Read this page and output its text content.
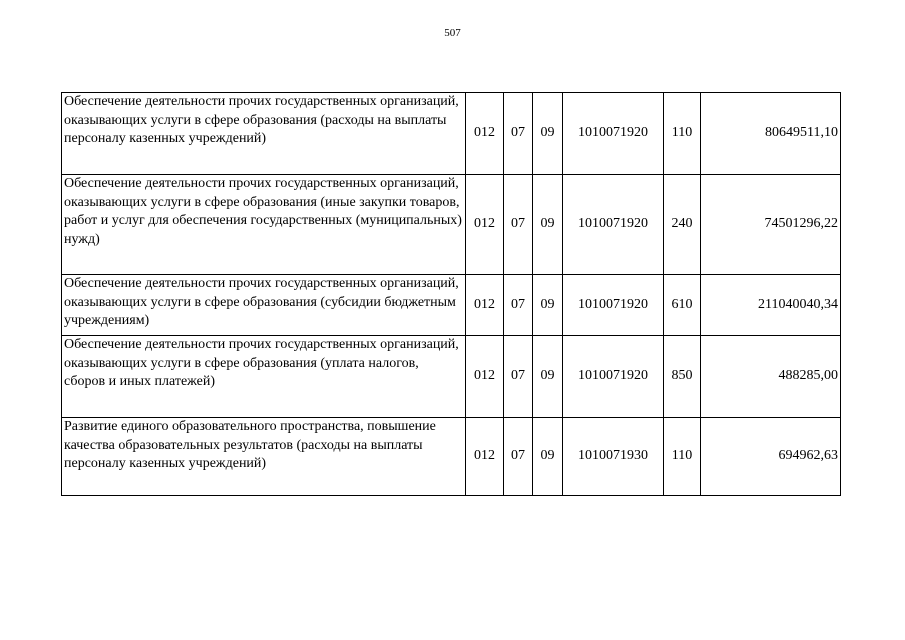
507
Обеспечение деятельности прочих государственных организаций, оказывающих услуги в сфере образования (расходы на выплаты персоналу казенных учреждений)	012	07	09	1010071920	110	80649511,10
Обеспечение деятельности прочих государственных организаций, оказывающих услуги в сфере образования (иные закупки товаров, работ и услуг для обеспечения государственных (муниципальных) нужд)	012	07	09	1010071920	240	74501296,22
Обеспечение деятельности прочих государственных организаций, оказывающих услуги в сфере образования (субсидии бюджетным учреждениям)	012	07	09	1010071920	610	211040040,34
Обеспечение деятельности прочих государственных организаций, оказывающих услуги в сфере образования (уплата налогов, сборов и иных платежей)	012	07	09	1010071920	850	488285,00
Развитие единого образовательного пространства, повышение качества образовательных результатов (расходы на выплаты персоналу казенных учреждений)	012	07	09	1010071930	110	694962,63
